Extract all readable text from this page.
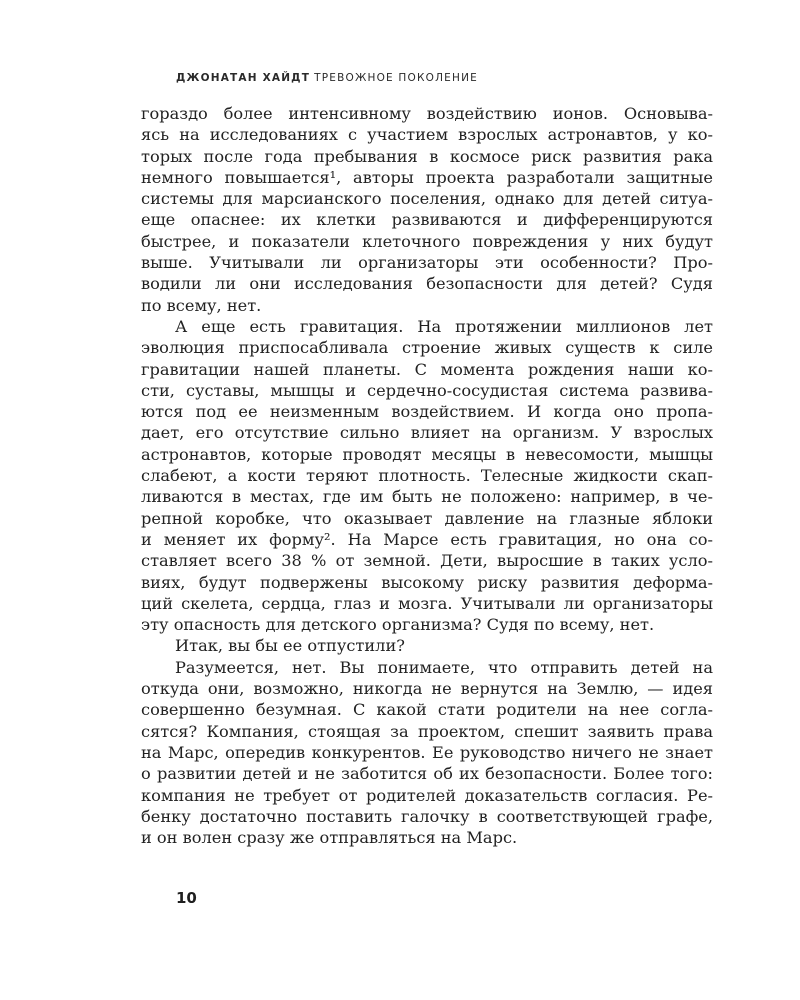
ДЖОНАТАН ХАЙДТ ТРЕВОЖНОЕ ПОКОЛЕНИЕ
гораздо более интенсивному воздействию ионов. Основыва-
ясь на исследованиях с участием взрослых астронавтов, у ко-
торых после года пребывания в космосе риск развития рака
немного повышается¹, авторы проекта разработали защитные
системы для марсианского поселения, однако для детей ситуа-
еще опаснее: их клетки развиваются и дифференцируются
быстрее, и показатели клеточного повреждения у них будут
выше. Учитывали ли организаторы эти особенности? Про-
водили ли они исследования безопасности для детей? Судя
по всему, нет.
А еще есть гравитация. На протяжении миллионов лет
эволюция приспосабливала строение живых существ к силе
гравитации нашей планеты. С момента рождения наши ко-
сти, суставы, мышцы и сердечно-сосудистая система развива-
ются под ее неизменным воздействием. И когда оно пропа-
дает, его отсутствие сильно влияет на организм. У взрослых
астронавтов, которые проводят месяцы в невесомости, мышцы
слабеют, а кости теряют плотность. Телесные жидкости скап-
ливаются в местах, где им быть не положено: например, в че-
репной коробке, что оказывает давление на глазные яблоки
и меняет их форму². На Марсе есть гравитация, но она со-
ставляет всего 38 % от земной. Дети, выросшие в таких усло-
виях, будут подвержены высокому риску развития деформа-
ций скелета, сердца, глаз и мозга. Учитывали ли организаторы
эту опасность для детского организма? Судя по всему, нет.
Итак, вы бы ее отпустили?
Разумеется, нет. Вы понимаете, что отправить детей на
откуда они, возможно, никогда не вернутся на Землю, — идея
совершенно безумная. С какой стати родители на нее согла-
сятся? Компания, стоящая за проектом, спешит заявить права
на Марс, опередив конкурентов. Ее руководство ничего не знает
о развитии детей и не заботится об их безопасности. Более того:
компания не требует от родителей доказательств согласия. Ре-
бенку достаточно поставить галочку в соответствующей графе,
и он волен сразу же отправляться на Марс.
10
